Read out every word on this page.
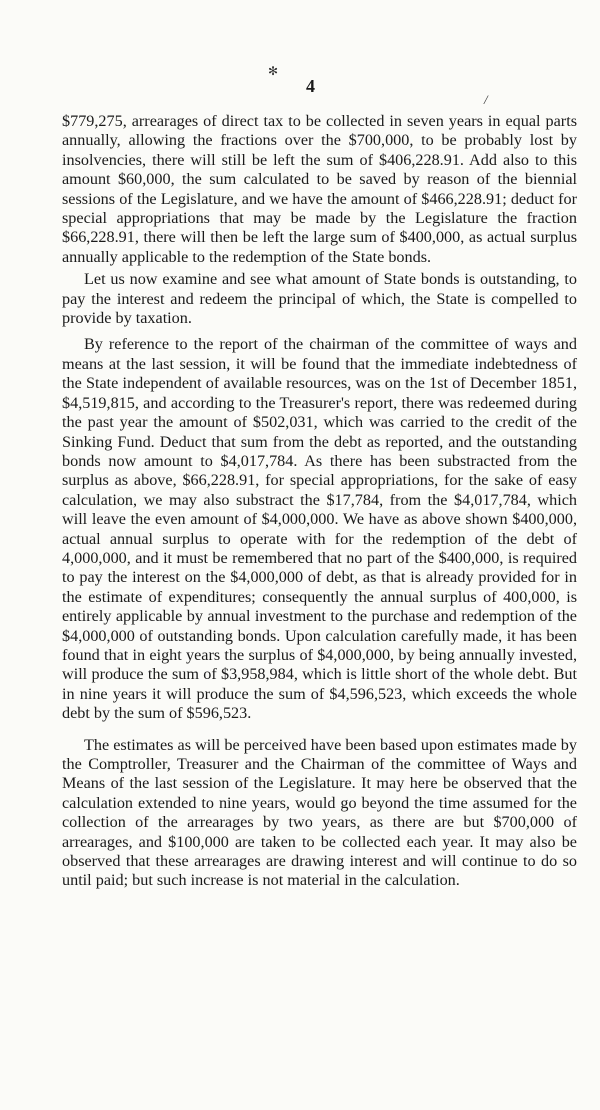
✻
4
/

$779,275, arrearages of direct tax to be collected in seven years in equal parts annually, allowing the fractions over the $700,000, to be probably lost by insolvencies, there will still be left the sum of $406,228.91. Add also to this amount $60,000, the sum calculated to be saved by reason of the biennial sessions of the Legislature, and we have the amount of $466,228.91; deduct for special appropriations that may be made by the Legislature the fraction $66,228.91, there will then be left the large sum of $400,000, as actual surplus annually applicable to the redemption of the State bonds.

Let us now examine and see what amount of State bonds is outstanding, to pay the interest and redeem the principal of which, the State is compelled to provide by taxation.

By reference to the report of the chairman of the committee of ways and means at the last session, it will be found that the immediate indebtedness of the State independent of available resources, was on the 1st of December 1851, $4,519,815, and according to the Treasurer's report, there was redeemed during the past year the amount of $502,031, which was carried to the credit of the Sinking Fund. Deduct that sum from the debt as reported, and the outstanding bonds now amount to $4,017,784. As there has been substracted from the surplus as above, $66,228.91, for special appropriations, for the sake of easy calculation, we may also substract the $17,784, from the $4,017,784, which will leave the even amount of $4,000,000. We have as above shown $400,000, actual annual surplus to operate with for the redemption of the debt of 4,000,000, and it must be remembered that no part of the $400,000, is required to pay the interest on the $4,000,000 of debt, as that is already provided for in the estimate of expenditures; consequently the annual surplus of 400,000, is entirely applicable by annual investment to the purchase and redemption of the $4,000,000 of outstanding bonds. Upon calculation carefully made, it has been found that in eight years the surplus of $4,000,000, by being annually invested, will produce the sum of $3,958,984, which is little short of the whole debt. But in nine years it will produce the sum of $4,596,523, which exceeds the whole debt by the sum of $596,523.

The estimates as will be perceived have been based upon estimates made by the Comptroller, Treasurer and the Chairman of the committee of Ways and Means of the last session of the Legislature. It may here be observed that the calculation extended to nine years, would go beyond the time assumed for the collection of the arrearages by two years, as there are but $700,000 of arrearages, and $100,000 are taken to be collected each year. It may also be observed that these arrearages are drawing interest and will continue to do so until paid; but such increase is not material in the calculation.
